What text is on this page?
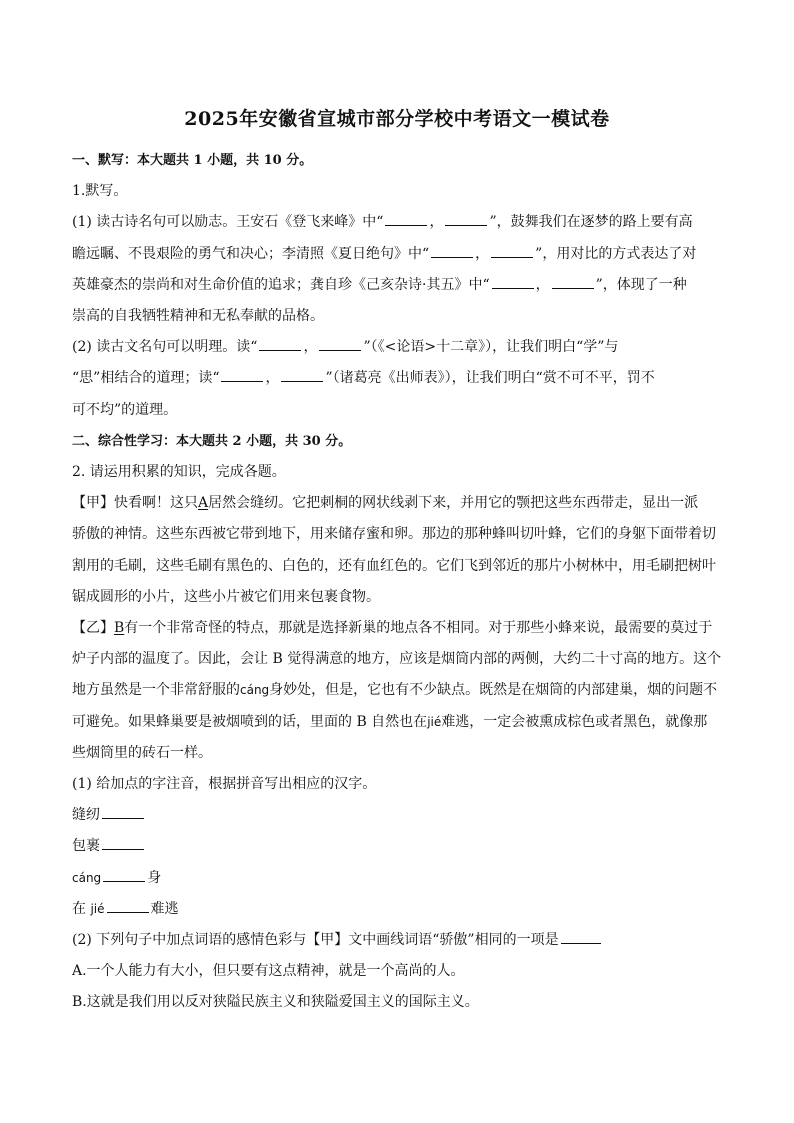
2025年安徽省宣城市部分学校中考语文一模试卷

一、默写：本大题共 1 小题，共 10 分。

1.默写。

(1) 读古诗名句可以励志。王安石《登飞来峰》中“	，	”，鼓舞我们在逐梦的路上要有高

瞻远瞩、不畏艰险的勇气和决心；李清照《夏日绝句》中“	，	”，用对比的方式表达了对

英雄豪杰的崇尚和对生命价值的追求；龚自珍《己亥杂诗·其五》中“	，	”，体现了一种

崇高的自我牺牲精神和无私奉献的品格。

(2) 读古文名句可以明理。读“	，	”（《<论语>十二章》），让我们明白“学”与

“思”相结合的道理；读“	，	”（诸葛亮《出师表》），让我们明白“赏不可不平，罚不

可不均”的道理。

二、综合性学习：本大题共 2 小题，共 30 分。

2. 请运用积累的知识，完成各题。

【甲】快看啊！这只A居然会缝纫。它把刺桐的网状线剥下来，并用它的颚把这些东西带走，显出一派

骄傲的神情。这些东西被它带到地下，用来储存蜜和卵。那边的那种蜂叫切叶蜂，它们的身躯下面带着切

割用的毛刷，这些毛刷有黑色的、白色的，还有血红色的。它们飞到邻近的那片小树林中，用毛刷把树叶

锯成圆形的小片，这些小片被它们用来包裹食物。

【乙】B有一个非常奇怪的特点，那就是选择新巢的地点各不相同。对于那些小蜂来说，最需要的莫过于

炉子内部的温度了。因此，会让 B 觉得满意的地方，应该是烟筒内部的两侧，大约二十寸高的地方。这个

地方虽然是一个非常舒服的cáng身妙处，但是，它也有不少缺点。既然是在烟筒的内部建巢，烟的问题不

可避免。如果蜂巢要是被烟喷到的话，里面的 B 自然也在jié难逃，一定会被熏成棕色或者黑色，就像那

些烟筒里的砖石一样。

(1) 给加点的字注音，根据拼音写出相应的汉字。

缝纫

包裹

cáng	身

在 jié	难逃

(2) 下列句子中加点词语的感情色彩与【甲】文中画线词语“骄傲”相同的一项是

A.一个人能力有大小，但只要有这点精神，就是一个高尚的人。

B.这就是我们用以反对狭隘民族主义和狭隘爱国主义的国际主义。
